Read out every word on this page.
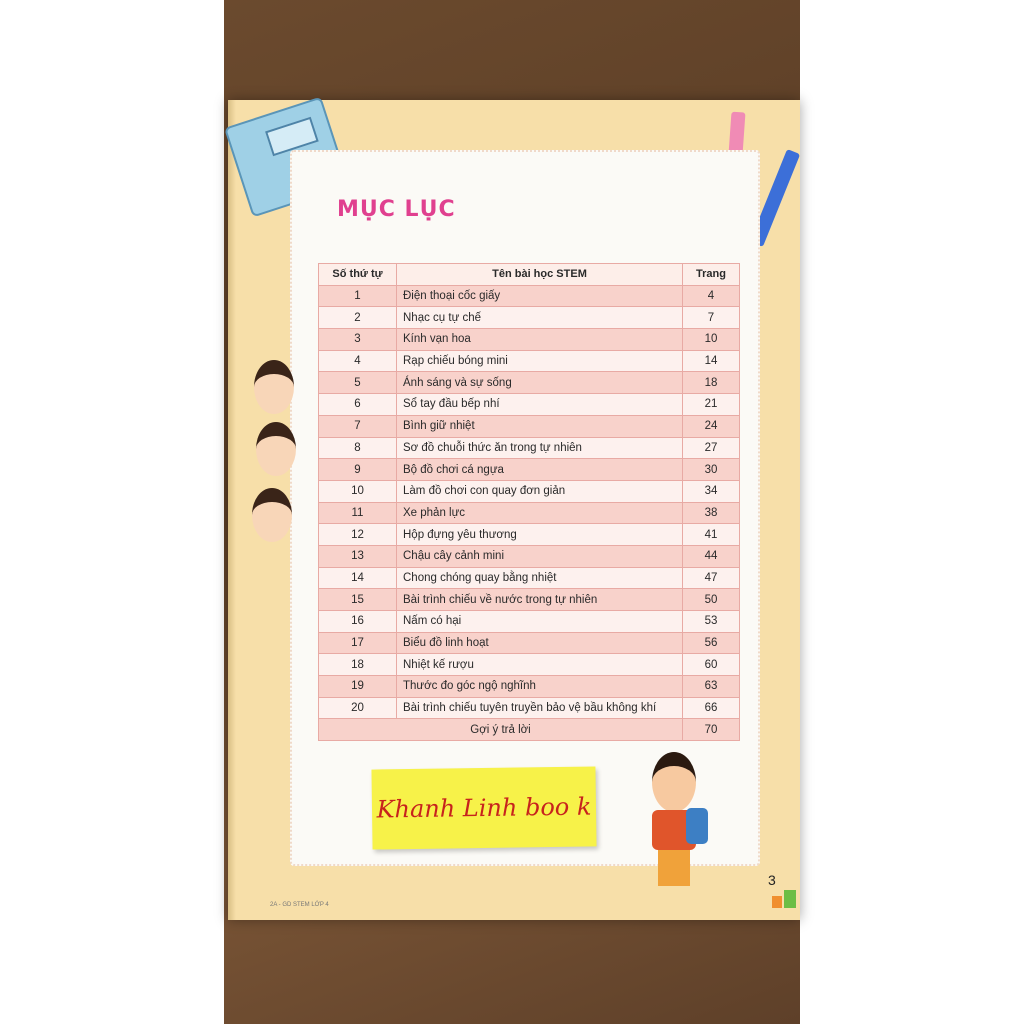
MỤC LỤC
Số thứ tự	Tên bài học STEM	Trang
1	Điện thoại cốc giấy	4
2	Nhạc cụ tự chế	7
3	Kính vạn hoa	10
4	Rạp chiếu bóng mini	14
5	Ánh sáng và sự sống	18
6	Sổ tay đầu bếp nhí	21
7	Bình giữ nhiệt	24
8	Sơ đồ chuỗi thức ăn trong tự nhiên	27
9	Bộ đồ chơi cá ngựa	30
10	Làm đồ chơi con quay đơn giản	34
11	Xe phản lực	38
12	Hộp đựng yêu thương	41
13	Chậu cây cảnh mini	44
14	Chong chóng quay bằng nhiệt	47
15	Bài trình chiếu về nước trong tự nhiên	50
16	Nấm có hại	53
17	Biểu đồ linh hoạt	56
18	Nhiệt kế rượu	60
19	Thước đo góc ngộ nghĩnh	63
20	Bài trình chiếu tuyên truyền bảo vệ bầu không khí	66
Gợi ý trả lời		70
Khanh Linh boo k
3
2A - GD STEM LỚP 4
